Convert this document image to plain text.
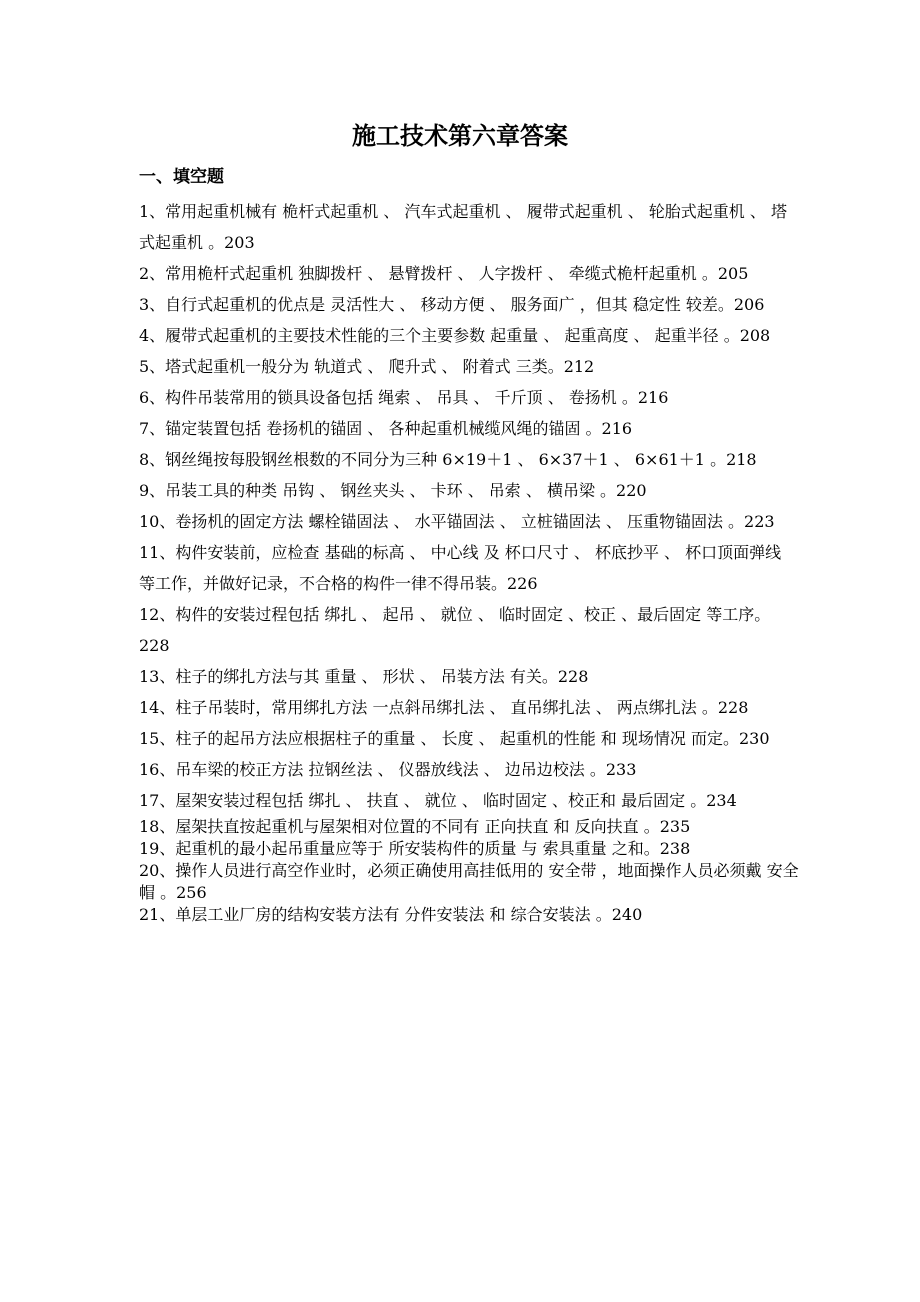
施工技术第六章答案
一、填空题

1、常用起重机械有 桅杆式起重机 、 汽车式起重机 、 履带式起重机 、 轮胎式起重机 、 塔式起重机 。203

2、常用桅杆式起重机 独脚拨杆 、 悬臂拨杆 、 人字拨杆 、 牵缆式桅杆起重机 。205

3、自行式起重机的优点是 灵活性大 、 移动方便 、 服务面广 ，但其 稳定性 较差。206

4、履带式起重机的主要技术性能的三个主要参数 起重量 、 起重高度 、 起重半径 。208

5、塔式起重机一般分为 轨道式 、 爬升式 、 附着式 三类。212

6、构件吊装常用的锁具设备包括 绳索 、 吊具 、 千斤顶 、 卷扬机 。216

7、锚定装置包括 卷扬机的锚固 、 各种起重机械缆风绳的锚固 。216

8、钢丝绳按每股钢丝根数的不同分为三种 6×19＋1 、 6×37＋1 、 6×61＋1 。218

9、吊装工具的种类 吊钩 、 钢丝夹头 、 卡环 、 吊索 、 横吊梁 。220

10、卷扬机的固定方法 螺栓锚固法 、 水平锚固法 、 立桩锚固法 、 压重物锚固法 。223

11、构件安装前，应检查 基础的标高 、 中心线 及 杯口尺寸 、 杯底抄平 、 杯口顶面弹线 等工作，并做好记录，不合格的构件一律不得吊装。226

12、构件的安装过程包括 绑扎 、 起吊 、 就位 、 临时固定 、校正 、最后固定 等工序。228

13、柱子的绑扎方法与其 重量 、 形状 、 吊装方法 有关。228

14、柱子吊装时，常用绑扎方法 一点斜吊绑扎法 、 直吊绑扎法 、 两点绑扎法 。228

15、柱子的起吊方法应根据柱子的重量 、 长度 、 起重机的性能 和 现场情况 而定。230

16、吊车梁的校正方法 拉钢丝法 、 仪器放线法 、 边吊边校法 。233

17、屋架安装过程包括 绑扎 、 扶直 、 就位 、 临时固定 、校正和 最后固定 。234

18、屋架扶直按起重机与屋架相对位置的不同有 正向扶直 和 反向扶直 。235

19、起重机的最小起吊重量应等于 所安装构件的质量 与 索具重量 之和。238

20、操作人员进行高空作业时，必须正确使用高挂低用的 安全带 ，地面操作人员必须戴 安全帽 。256

21、单层工业厂房的结构安装方法有 分件安装法 和 综合安装法 。240
